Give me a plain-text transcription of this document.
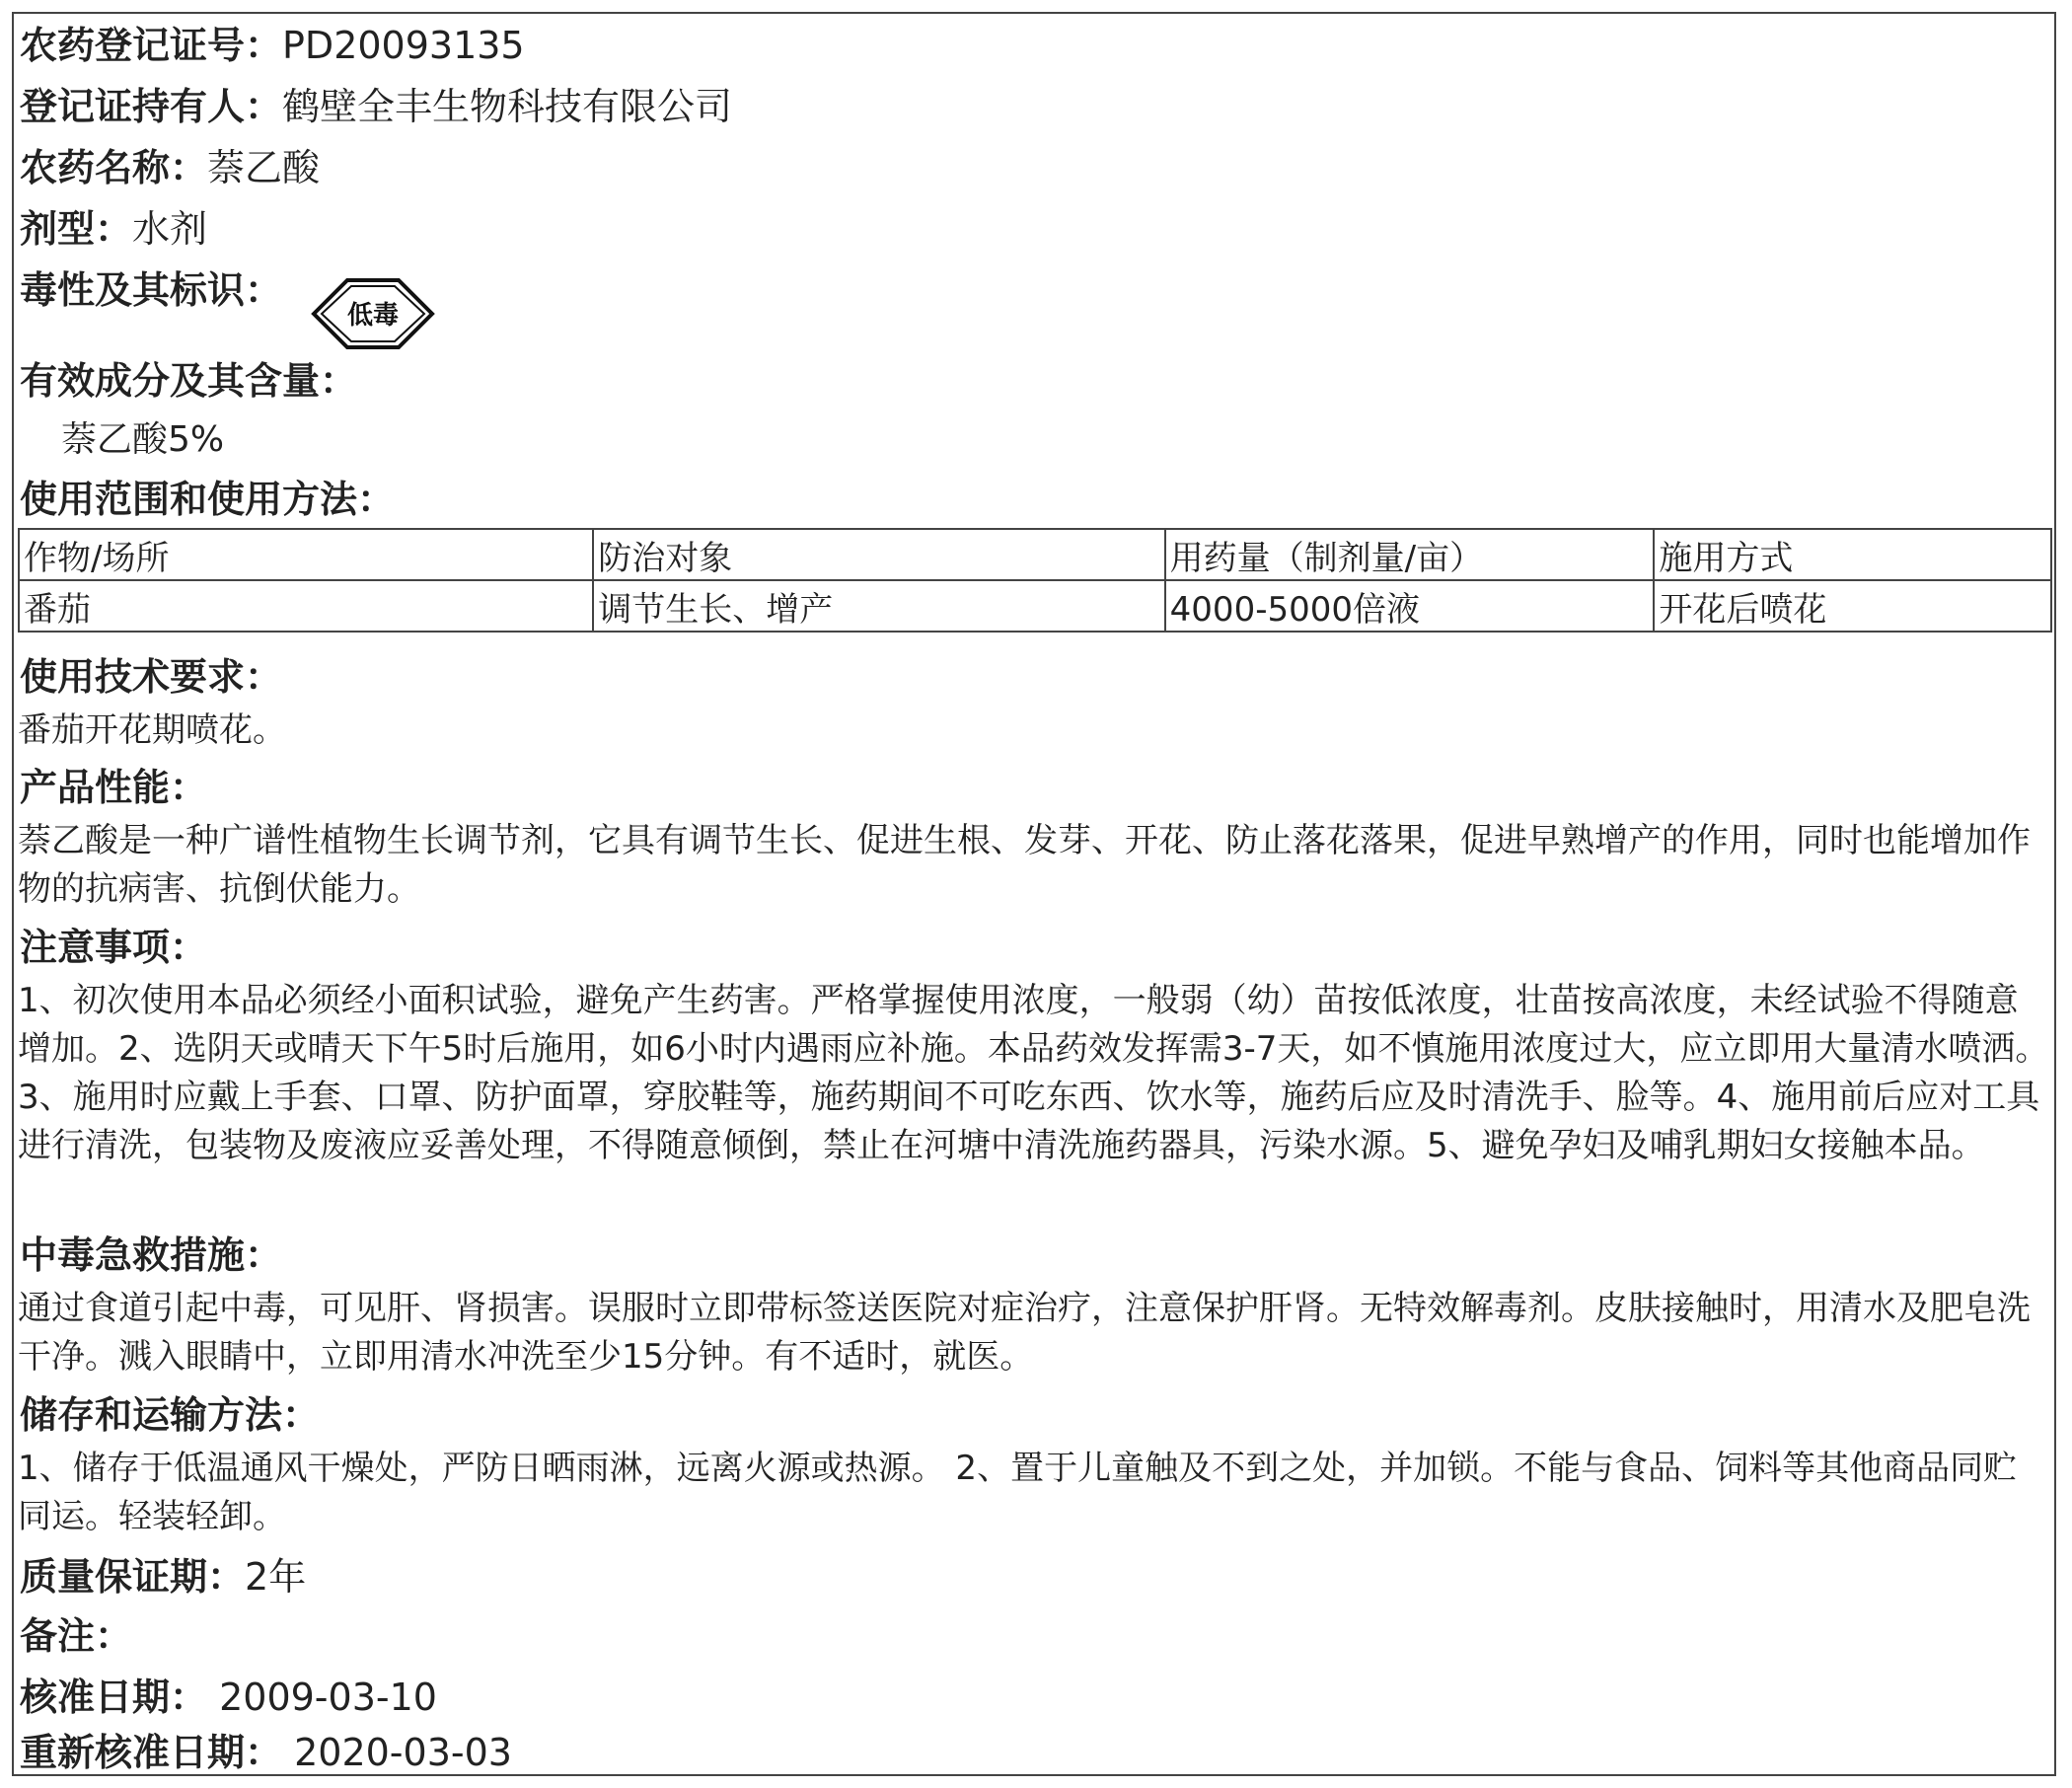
农药登记证号：PD20093135
登记证持有人：鹤壁全丰生物科技有限公司
农药名称：萘乙酸
剂型：水剂
毒性及其标识：
低毒
有效成分及其含量：
萘乙酸5%
使用范围和使用方法：
作物/场所	防治对象	用药量（制剂量/亩）	施用方式
番茄	调节生长、增产	4000-5000倍液	开花后喷花
使用技术要求：
番茄开花期喷花。
产品性能：
萘乙酸是一种广谱性植物生长调节剂，它具有调节生长、促进生根、发芽、开花、防止落花落果，促进早熟增产的作用，同时也能增加作物的抗病害、抗倒伏能力。
注意事项：
1、初次使用本品必须经小面积试验，避免产生药害。严格掌握使用浓度，一般弱（幼）苗按低浓度，壮苗按高浓度，未经试验不得随意增加。2、选阴天或晴天下午5时后施用，如6小时内遇雨应补施。本品药效发挥需3-7天，如不慎施用浓度过大，应立即用大量清水喷洒。3、施用时应戴上手套、口罩、防护面罩，穿胶鞋等，施药期间不可吃东西、饮水等，施药后应及时清洗手、脸等。4、施用前后应对工具进行清洗，包装物及废液应妥善处理，不得随意倾倒，禁止在河塘中清洗施药器具，污染水源。5、避免孕妇及哺乳期妇女接触本品。
中毒急救措施：
通过食道引起中毒，可见肝、肾损害。误服时立即带标签送医院对症治疗，注意保护肝肾。无特效解毒剂。皮肤接触时，用清水及肥皂洗干净。溅入眼睛中，立即用清水冲洗至少15分钟。有不适时，就医。
储存和运输方法：
1、储存于低温通风干燥处，严防日晒雨淋，远离火源或热源。 2、置于儿童触及不到之处，并加锁。不能与食品、饲料等其他商品同贮同运。轻装轻卸。
质量保证期：2年
备注：
核准日期： 2009-03-10
重新核准日期： 2020-03-03
